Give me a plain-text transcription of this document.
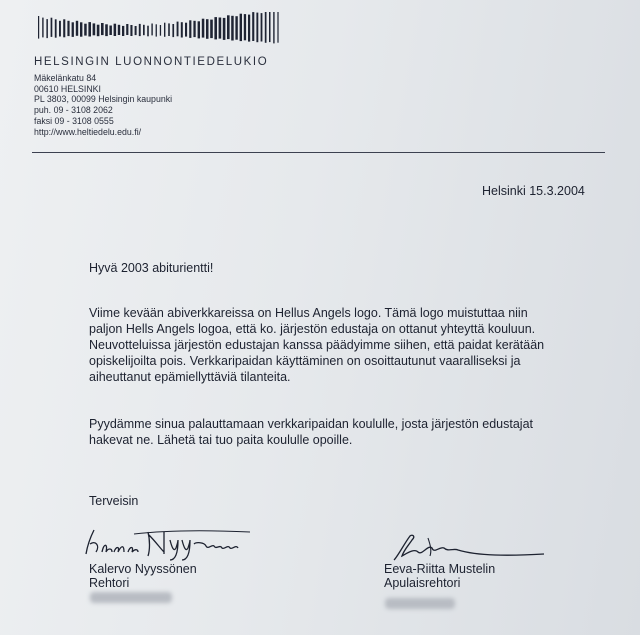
HELSINGIN LUONNONTIEDELUKIO
Mäkelänkatu 84
00610 HELSINKI
PL 3803, 00099 Helsingin kaupunki
puh. 09 - 3108 2062
faksi 09 - 3108 0555
http://www.heltiedelu.edu.fi/
Helsinki 15.3.2004
Hyvä 2003 abiturientti!
Viime kevään abiverkkareissa on Hellus Angels logo. Tämä logo muistuttaa niin
paljon Hells Angels logoa, että ko. järjestön edustaja on ottanut yhteyttä kouluun.
Neuvotteluissa järjestön edustajan kanssa päädyimme siihen, että paidat kerätään
opiskelijoilta pois. Verkkaripaidan käyttäminen on osoittautunut vaaralliseksi ja
aiheuttanut epämiellyttäviä tilanteita.
Pyydämme sinua palauttamaan verkkaripaidan koululle, josta järjestön edustajat
hakevat ne. Lähetä tai tuo paita koululle opoille.
Terveisin
Kalervo Nyyssönen
Rehtori
Eeva-Riitta Mustelin
Apulaisrehtori
